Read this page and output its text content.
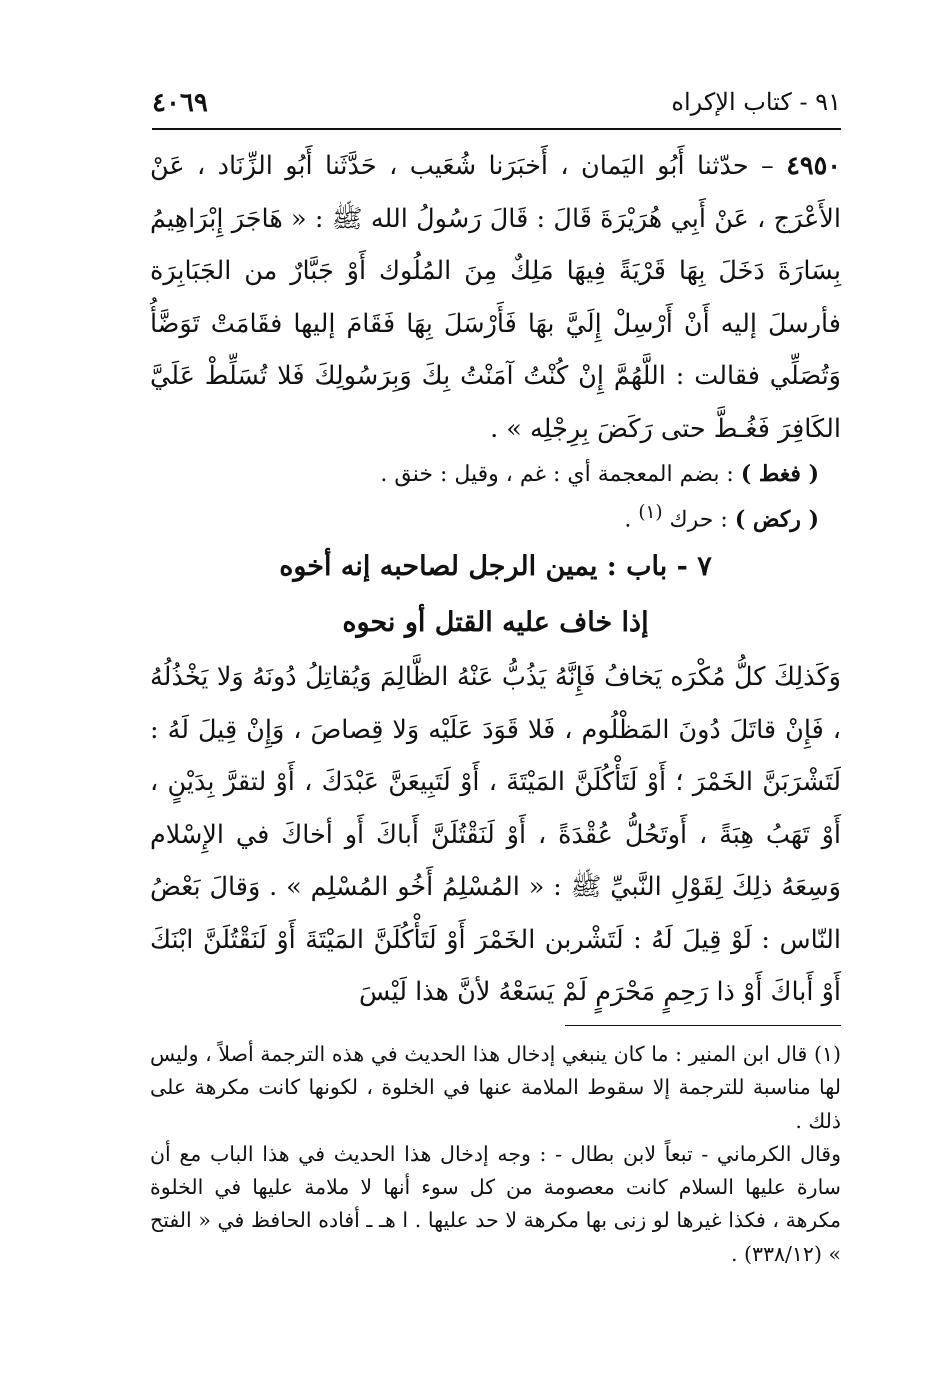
٩١ - كتاب الإكراه
٤٠٦٩

٤٩٥٠ – حدّثنا أَبُو اليَمان ، أَخبَرَنا شُعَيب ، حَدَّثَنا أَبُو الزِّنَاد ، عَنْ الأَعْرَج ، عَنْ أَبِي هُرَيْرَةَ قَالَ : قَالَ رَسُولُ الله ﷺ : « هَاجَرَ إِبْرَاهِيمُ بِسَارَةَ دَخَلَ بِهَا قَرْيَةً فِيهَا مَلِكٌ مِنَ المُلُوك أَوْ جَبَّارٌ من الجَبَابِرَة فأرسلَ إليه أَنْ أَرْسِلْ إِلَيَّ بهَا فَأَرْسَلَ بِهَا فَقَامَ إليها فقَامَتْ تَوَضَّأُ وَتُصَلِّي فقالت : اللَّهُمَّ إِنْ كُنْتُ آمَنْتُ بِكَ وَبِرَسُولِكَ فَلا تُسَلِّطْ عَلَيَّ الكَافِرَ فَغُـطَّ حتى رَكَضَ بِرِجْلِه » .

( فغط ) : بضم المعجمة أي : غم ، وقيل : خنق .

( ركض ) : حرك $^{(١)}$ .

٧ - باب : يمين الرجل لصاحبه إنه أخوه

إذا خاف عليه القتل أو نحوه

وَكَذلِكَ كلُّ مُكْرَه يَخافُ فَإِنَّهُ يَذُبُّ عَنْهُ الظَّالِمَ وَيُقاتِلُ دُونَهُ وَلا يَخْذُلُهُ ، فَإِنْ قاتَلَ دُونَ المَظْلُوم ، فَلا قَوَدَ عَلَيْه وَلا قِصاصَ ، وَإِنْ قِيلَ لَهُ : لَتَشْرَبَنَّ الخَمْرَ ؛ أَوْ لَتَأْكُلَنَّ المَيْتَةَ ، أَوْ لَتَبِيعَنَّ عَبْدَكَ ، أَوْ لتقرَّ بِدَيْنٍ ، أَوْ تَهَبُ هِبَةً ، أَوتَحُلُّ عُقْدَةً ، أَوْ لَنَقْتُلَنَّ أَباكَ أَو أخاكَ في الإِسْلام وَسِعَهُ ذلِكَ لِقَوْلِ النَّبيِّ ﷺ : « المُسْلِمُ أَخُو المُسْلِم » . وَقالَ بَعْضُ النّاس : لَوْ قِيلَ لَهُ : لَتَشْربن الخَمْرَ أَوْ لَتَأْكُلَنَّ المَيْتَةَ أَوْ لَنَقْتُلَنَّ ابْنَكَ أَوْ أَباكَ أَوْ ذا رَحِمٍ مَحْرَمٍ لَمْ يَسَعْهُ لأنَّ هذا لَيْسَ

(١) قال ابن المنير : ما كان ينبغي إدخال هذا الحديث في هذه الترجمة أصلاً ، وليس لها مناسبة للترجمة إلا سقوط الملامة عنها في الخلوة ، لكونها كانت مكرهة على ذلك .

وقال الكرماني - تبعاً لابن بطال - : وجه إدخال هذا الحديث في هذا الباب مع أن سارة عليها السلام كانت معصومة من كل سوء أنها لا ملامة عليها في الخلوة مكرهة ، فكذا غيرها لو زنى بها مكرهة لا حد عليها . ا هـ ـ أفاده الحافظ في « الفتح » (٣٣٨/١٢) .
